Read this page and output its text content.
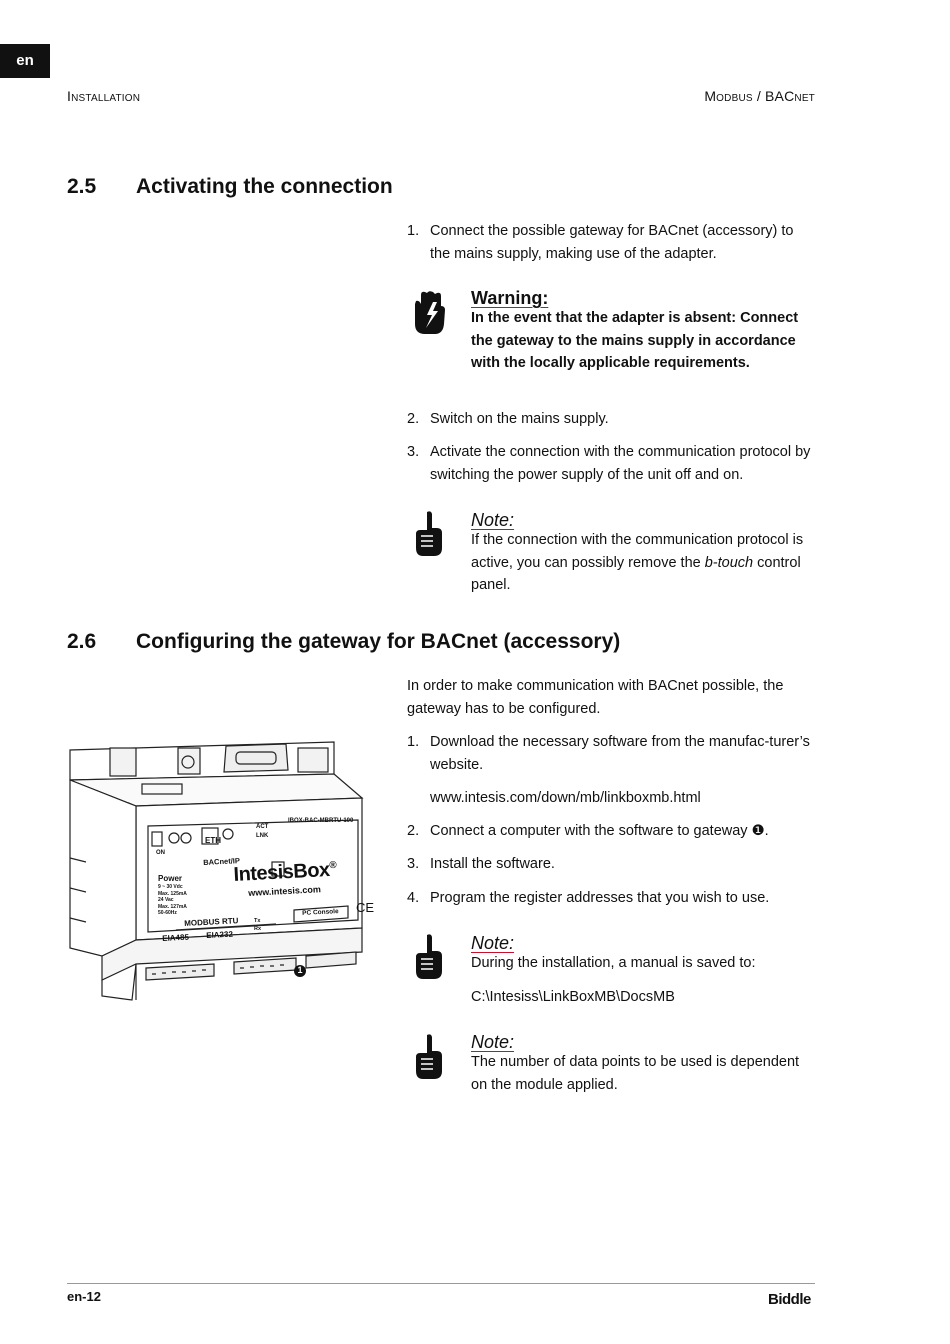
en
Installation	Modbus / BACnet
2.5 Activating the connection
1. Connect the possible gateway for BACnet (accessory) to the mains supply, making use of the adapter.
Warning:
In the event that the adapter is absent: Connect the gateway to the mains supply in accordance with the locally applicable requirements.
2. Switch on the mains supply.
3. Activate the connection with the communication protocol by switching the power supply of the unit off and on.
Note:
If the connection with the communication protocol is active, you can possibly remove the b-touch control panel.
2.6 Configuring the gateway for BACnet (accessory)
In order to make communication with BACnet possible, the gateway has to be configured.
1. Download the necessary software from the manufac-turer’s website.
www.intesis.com/down/mb/linkboxmb.html
2. Connect a computer with the software to gateway ❶.
3. Install the software.
4. Program the register addresses that you wish to use.
Note:
During the installation, a manual is saved to:
C:\Intesiss\LinkBoxMB\DocsMB
Note:
The number of data points to be used is dependent on the module applied.
IntesisBox®
www.intesis.com
IBOX-BAC-MBRTU-100
ETH
ACT
LNK
BACnet/IP
ON
Power
9 ~ 30 Vdc
Max. 125mA
24 Vac
Max. 127mA
50-60Hz
MODBUS RTU
EIA485 EIA232
Tx
Rx
PC Console CE
1
en-12	Biddle
